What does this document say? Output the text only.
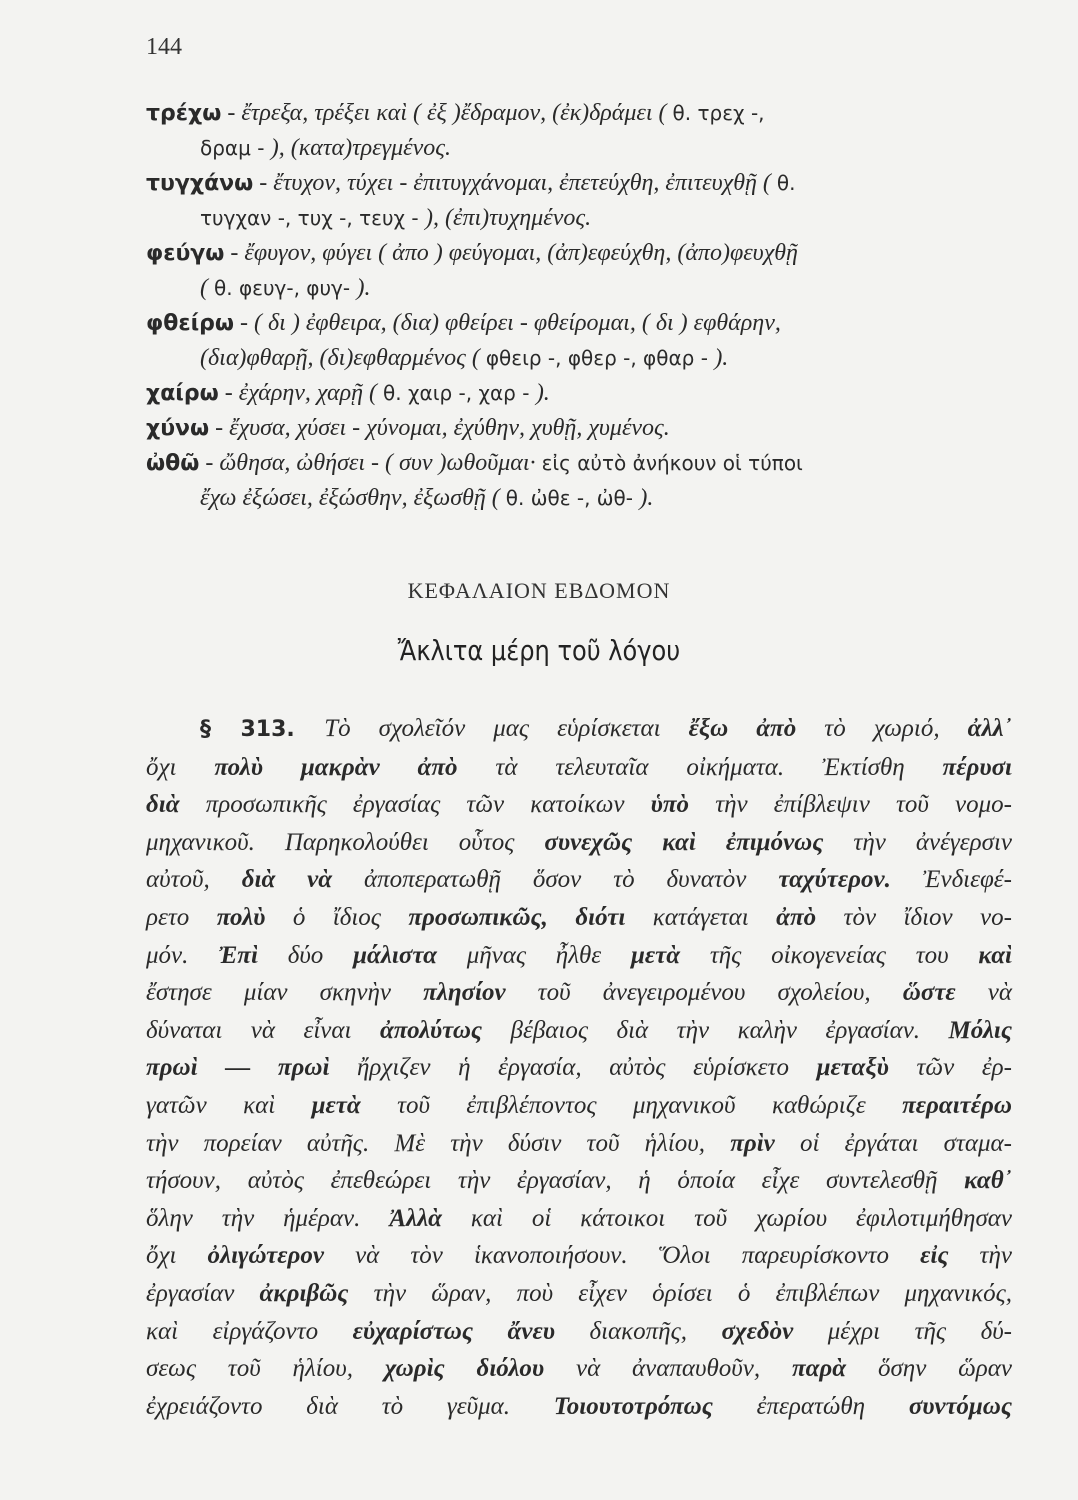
144
τρέχω - ἔτρεξα, τρέξει καὶ ( ἐξ )ἔδραμον, (ἐκ)δράμει ( θ. τρεχ -,
δραμ - ), (κατα)τρεγμένος.
τυγχάνω - ἔτυχον, τύχει - ἐπιτυγχάνομαι, ἐπετεύχθη, ἐπιτευχθῇ ( θ.
τυγχαν -, τυχ -, τευχ - ), (ἐπι)τυχημένος.
φεύγω - ἔφυγον, φύγει ( ἀπο ) φεύγομαι, (ἀπ)εφεύχθη, (ἀπο)φευχθῇ
( θ. φευγ-, φυγ- ).
φθείρω - ( δι ) ἐφθειρα, (δια) φθείρει - φθείρομαι, ( δι ) εφθάρην,
(δια)φθαρῇ, (δι)εφθαρμένος ( φθειρ -, φθερ -, φθαρ - ).
χαίρω - ἐχάρην, χαρῇ ( θ. χαιρ -, χαρ - ).
χύνω - ἔχυσα, χύσει - χύνομαι, ἐχύθην, χυθῇ, χυμένος.
ὠθῶ - ὤθησα, ὠθήσει - ( συν )ωθοῦμαι· εἰς αὐτὸ ἀνήκουν οἱ τύποι
ἔχω ἐξώσει, ἐξώσθην, ἐξωσθῇ ( θ. ὠθε -, ὠθ- ).
ΚΕΦΑΛΑΙΟΝ ΕΒΔΟΜΟΝ
Ἄκλιτα μέρη τοῦ λόγου
§ 313. Τὸ σχολεῖόν μας εὑρίσκεται ἔξω ἀπὸ τὸ χωριό, ἀλλ᾽
ὄχι πολὺ μακρὰν ἀπὸ τὰ τελευταῖα οἰκήματα. Ἐκτίσθη πέρυσι
διὰ προσωπικῆς ἐργασίας τῶν κατοίκων ὑπὸ τὴν ἐπίβλεψιν τοῦ νομο-
μηχανικοῦ. Παρηκολούθει οὗτος συνεχῶς καὶ ἐπιμόνως τὴν ἀνέγερσιν
αὐτοῦ, διὰ νὰ ἀποπερατωθῇ ὅσον τὸ δυνατὸν ταχύτερον. Ἐνδιεφέ-
ρετο πολὺ ὁ ἴδιος προσωπικῶς, διότι κατάγεται ἀπὸ τὸν ἴδιον νο-
μόν. Ἐπὶ δύο μάλιστα μῆνας ἦλθε μετὰ τῆς οἰκογενείας του καὶ
ἔστησε μίαν σκηνὴν πλησίον τοῦ ἀνεγειρομένου σχολείου, ὥστε νὰ
δύναται νὰ εἶναι ἀπολύτως βέβαιος διὰ τὴν καλὴν ἐργασίαν. Μόλις
πρωὶ — πρωὶ ἤρχιζεν ἡ ἐργασία, αὐτὸς εὑρίσκετο μεταξὺ τῶν ἐρ-
γατῶν καὶ μετὰ τοῦ ἐπιβλέποντος μηχανικοῦ καθώριζε περαιτέρω
τὴν πορείαν αὐτῆς. Μὲ τὴν δύσιν τοῦ ἡλίου, πρὶν οἱ ἐργάται σταμα-
τήσουν, αὐτὸς ἐπεθεώρει τὴν ἐργασίαν, ἡ ὁποία εἶχε συντελεσθῇ καθ᾽
ὅλην τὴν ἡμέραν. Ἀλλὰ καὶ οἱ κάτοικοι τοῦ χωρίου ἐφιλοτιμήθησαν
ὄχι ὀλιγώτερον νὰ τὸν ἱκανοποιήσουν. Ὅλοι παρευρίσκοντο εἰς τὴν
ἐργασίαν ἀκριβῶς τὴν ὥραν, ποὺ εἶχεν ὁρίσει ὁ ἐπιβλέπων μηχανικός,
καὶ εἰργάζοντο εὐχαρίστως ἄνευ διακοπῆς, σχεδὸν μέχρι τῆς δύ-
σεως τοῦ ἡλίου, χωρὶς διόλου νὰ ἀναπαυθοῦν, παρὰ ὅσην ὥραν
ἐχρειάζοντο διὰ τὸ γεῦμα. Τοιουτοτρόπως ἐπερατώθη συντόμως
